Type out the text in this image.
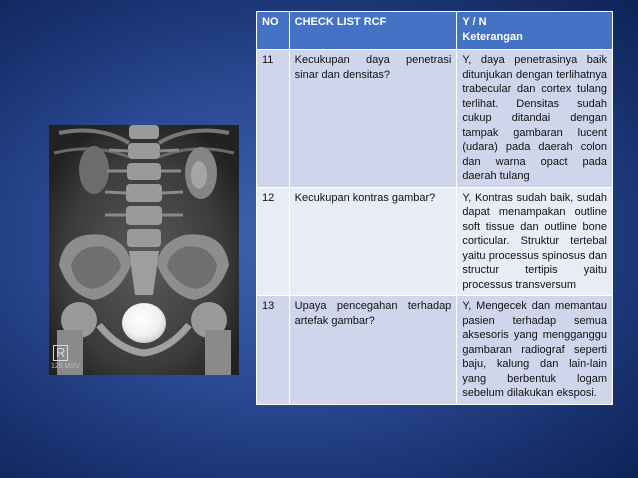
R
120 MSV
NO	CHECK LIST RCF	Y / N
Keterangan

11	Kecukupan daya penetrasi sinar dan densitas?	Y, daya penetrasinya baik ditunjukan dengan terlihatnya trabecular dan cortex tulang terlihat. Densitas sudah cukup ditandai dengan tampak gambaran lucent (udara) pada daerah colon dan warna opact pada daerah tulang
12	Kecukupan kontras gambar?	Y, Kontras sudah baik, sudah dapat menampakan outline soft tissue dan outline bone corticular. Struktur tertebal yaitu processus spinosus dan structur tertipis yaitu processus transversum
13	Upaya pencegahan terhadap artefak gambar?	Y, Mengecek dan memantau pasien terhadap semua aksesoris yang mengganggu gambaran radiograf seperti baju, kalung dan lain-lain yang berbentuk logam sebelum dilakukan eksposi.
